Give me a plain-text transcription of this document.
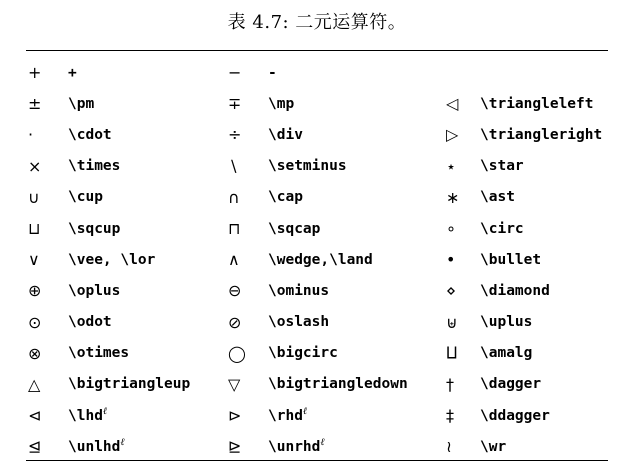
表 4.7: 二元运算符。
+	+	−	-		
±	\pm	∓	\mp	◁	\triangleleft
·	\cdot	÷	\div	▷	\triangleright
×	\times	∖	\setminus	⋆	\star
∪	\cup	∩	\cap	∗	\ast
⊔	\sqcup	⊓	\sqcap	∘	\circ
∨	\vee, \lor	∧	\wedge,\land	•	\bullet
⊕	\oplus	⊖	\ominus	⋄	\diamond
⊙	\odot	⊘	\oslash	⊎	\uplus
⊗	\otimes	◯	\bigcirc	⨿	\amalg
△	\bigtriangleup	▽	\bigtriangledown	†	\dagger
⊲	\lhd$^\ell$	⊳	\rhd$^\ell$	‡	\ddagger
⊴	\unlhd$^\ell$	⊵	\unrhd$^\ell$	≀	\wr
